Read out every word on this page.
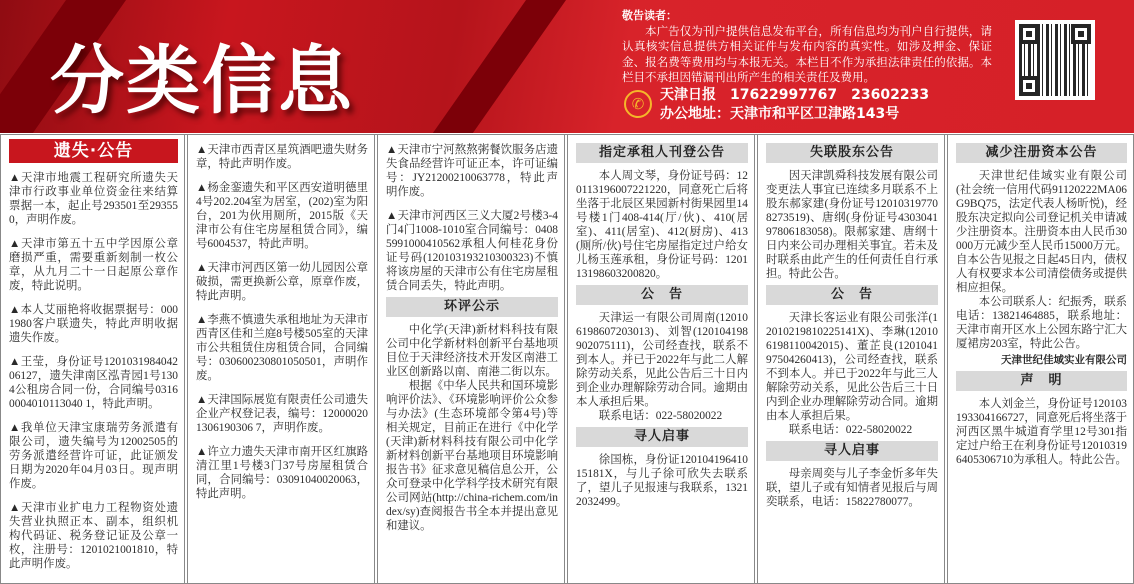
分类信息
敬告读者：
本广告仅为刊户提供信息发布平台，所有信息均为刊户自行提供，请认真核实信息提供方相关证件与发布内容的真实性。如涉及押金、保证金、报名费等费用均与本报无关。本栏目不作为承担法律责任的依据。本栏目不承担因错漏刊出所产生的相关责任及费用。
✆	天津日报　17622997767　23602233
办公地址：天津市和平区卫津路143号
遗失·公告

▲天津市地震工程研究所遗失天津市行政事业单位资金往来结算票据一本，起止号293501至293550，声明作废。

▲天津市第五十五中学因原公章磨损严重，需要重新刻制一枚公章，从九月二十一日起原公章作废，特此说明。

▲本人艾丽艳将收据票据号：0001980客户联遗失，特此声明收据遗失作废。

▲王莹，身份证号120103198404206127，遗失津南区泓青园1号1304公租房合同一份，合同编号03160004010113040 1，特此声明。

▲我单位天津宝康瑞劳务派遣有限公司，遗失编号为12002505的劳务派遣经营许可证，此证颁发日期为2020年04月03日。现声明作废。

▲天津市业扩电力工程物资处遗失营业执照正本、副本，组织机构代码证、税务登记证及公章一枚，注册号：1201021001810，特此声明作废。

▲天津市西青区星筑酒吧遗失财务章，特此声明作废。

▲杨金銮遗失和平区西安道明德里4号202.204室为居室，(202)室为阳台，201为伙用厕所，2015版《天津市公有住宅房屋租赁合同》，编号6004537，特此声明。

▲天津市河西区第一幼儿园因公章破损，需更换新公章，原章作废，特此声明。

▲李燕不慎遗失承租地址为天津市西青区佳和兰庭8号楼505室的天津市公共租赁住房租赁合同，合同编号：030600230801050501，声明作废。

▲天津国际展览有限责任公司遗失企业产权登记表，编号：120000201306190306 7，声明作废。

▲许立力遗失天津市南开区红旗路清江里1号楼3门37号房屋租赁合同，合同编号：03091040020063，特此声明。

▲天津市宁河熬熬粥餐饮服务店遗失食品经营许可证正本，许可证编号：JY21200210063778，特此声明作废。

▲天津市河西区三义大厦2号楼3-4门4门1008-1010室合同编号：04085991000410562承租人何桂花身份证号码(120103193210300323)不慎将该房屋的天津市公有住宅房屋租赁合同丢失，特此声明。

环评公示

中化学(天津)新材料科技有限公司中化学新材料创新平台基地项目位于天津经济技术开发区南港工业区创新路以南、南港二街以东。

根据《中华人民共和国环境影响评价法》、《环境影响评价公众参与办法》(生态环境部令第4号)等相关规定，目前正在进行《中化学(天津)新材料科技有限公司中化学新材料创新平台基地项目环境影响报告书》征求意见稿信息公开，公众可登录中化学科学技术研究有限公司网站(http://china-richem.com/index/sy)查阅报告书全本并提出意见和建议。

指定承租人刊登公告

本人周文琴，身份证号码：120113196007221220，同意死亡后将坐落于北辰区果园新村街果园里14号楼1门408-414(厅/伙)、410(居室)、411(居室)、412(厨房)、413(厕所/伙)号住宅房屋指定过户给女儿杨玉莲承租，身份证号码：120113198603200820。

公　告

天津运一有限公司周南(120106198607203013)、刘智(120104198902075111)，公司经查找，联系不到本人。并已于2022年与此二人解除劳动关系，见此公告后三十日内到企业办理解除劳动合同。逾期由本人承担后果。

联系电话：022-58020022

寻人启事

徐国栋，身份证12010419641015181X，与儿子徐可欣失去联系了，望儿子见报速与我联系，13212032499。

失联股东公告

因天津凯舜科技发展有限公司变更法人事宜已连续多月联系不上股东郝家建(身份证号120103197708273519)、唐纲(身份证号430304197806183058)。限郝家建、唐纲十日内来公司办理相关事宜。若未及时联系由此产生的任何责任自行承担。特此公告。

公　告

天津长客运业有限公司张洋(12010219810225141X)、李琳(120106198110042015)、董芷良(120104197504260413)，公司经查找，联系不到本人。并已于2022年与此三人解除劳动关系，见此公告后三十日内到企业办理解除劳动合同。逾期由本人承担后果。

联系电话：022-58020022

寻人启事

母亲周奕与儿子李金忻多年失联，望儿子或有知情者见报后与周奕联系，电话：15822780077。

减少注册资本公告

天津世纪佳域实业有限公司(社会统一信用代码91120222MA06G9BQ75，法定代表人杨昕悦)，经股东决定拟向公司登记机关申请减少注册资本。注册资本由人民币30000万元减少至人民币15000万元。自本公告见报之日起45日内，债权人有权要求本公司清偿债务或提供相应担保。

本公司联系人：纪振秀，联系电话：13821464885，联系地址：天津市南开区水上公园东路宁汇大厦裙房203室，特此公告。

天津世纪佳域实业有限公司
声　明

本人刘金兰，身份证号120103193304166727，同意死后将坐落于河西区黑牛城道育学里12号301指定过户给王在利身份证号120103196405306710为承租人。特此公告。
